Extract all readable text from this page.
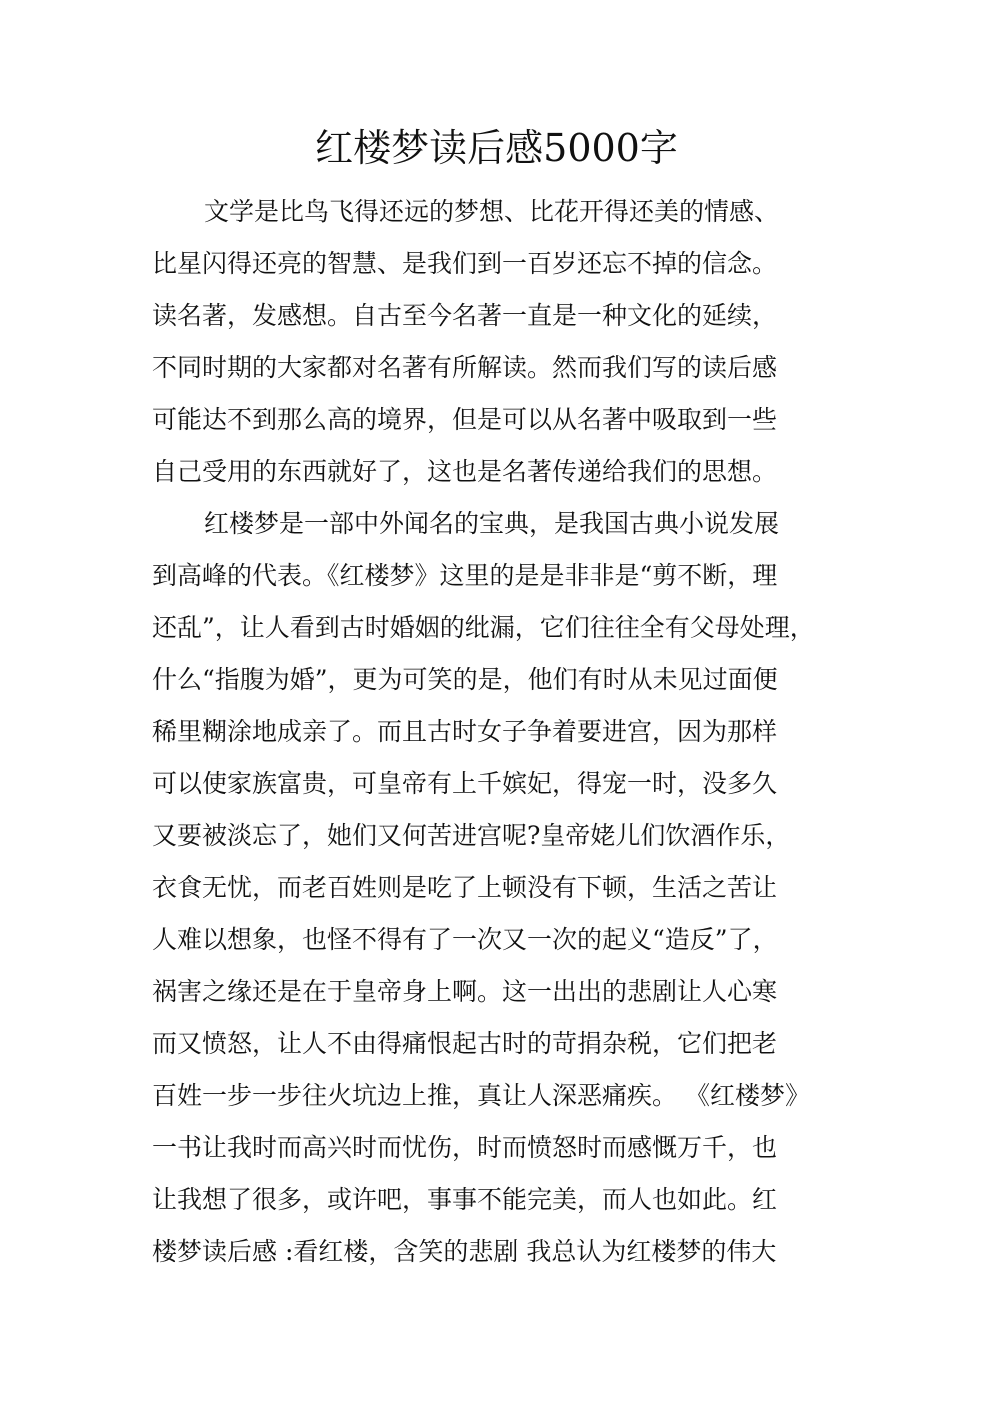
红楼梦读后感5000字
文学是比鸟飞得还远的梦想、比花开得还美的情感、
比星闪得还亮的智慧、是我们到一百岁还忘不掉的信念。
读名著，发感想。自古至今名著一直是一种文化的延续，
不同时期的大家都对名著有所解读。然而我们写的读后感
可能达不到那么高的境界，但是可以从名著中吸取到一些
自己受用的东西就好了，这也是名著传递给我们的思想。
红楼梦是一部中外闻名的宝典，是我国古典小说发展
到高峰的代表。《红楼梦》这里的是是非非是“剪不断，理
还乱”，让人看到古时婚姻的纰漏，它们往往全有父母处理，
什么“指腹为婚”，更为可笑的是，他们有时从未见过面便
稀里糊涂地成亲了。而且古时女子争着要进宫，因为那样
可以使家族富贵，可皇帝有上千嫔妃，得宠一时，没多久
又要被淡忘了，她们又何苦进宫呢?皇帝姥儿们饮酒作乐，
衣食无忧，而老百姓则是吃了上顿没有下顿，生活之苦让
人难以想象，也怪不得有了一次又一次的起义“造反”了，
祸害之缘还是在于皇帝身上啊。这一出出的悲剧让人心寒
而又愤怒，让人不由得痛恨起古时的苛捐杂税，它们把老
百姓一步一步往火坑边上推，真让人深恶痛疾。 《红楼梦》
一书让我时而高兴时而忧伤，时而愤怒时而感慨万千，也
让我想了很多，或许吧，事事不能完美，而人也如此。红
楼梦读后感 :看红楼，含笑的悲剧 我总认为红楼梦的伟大
